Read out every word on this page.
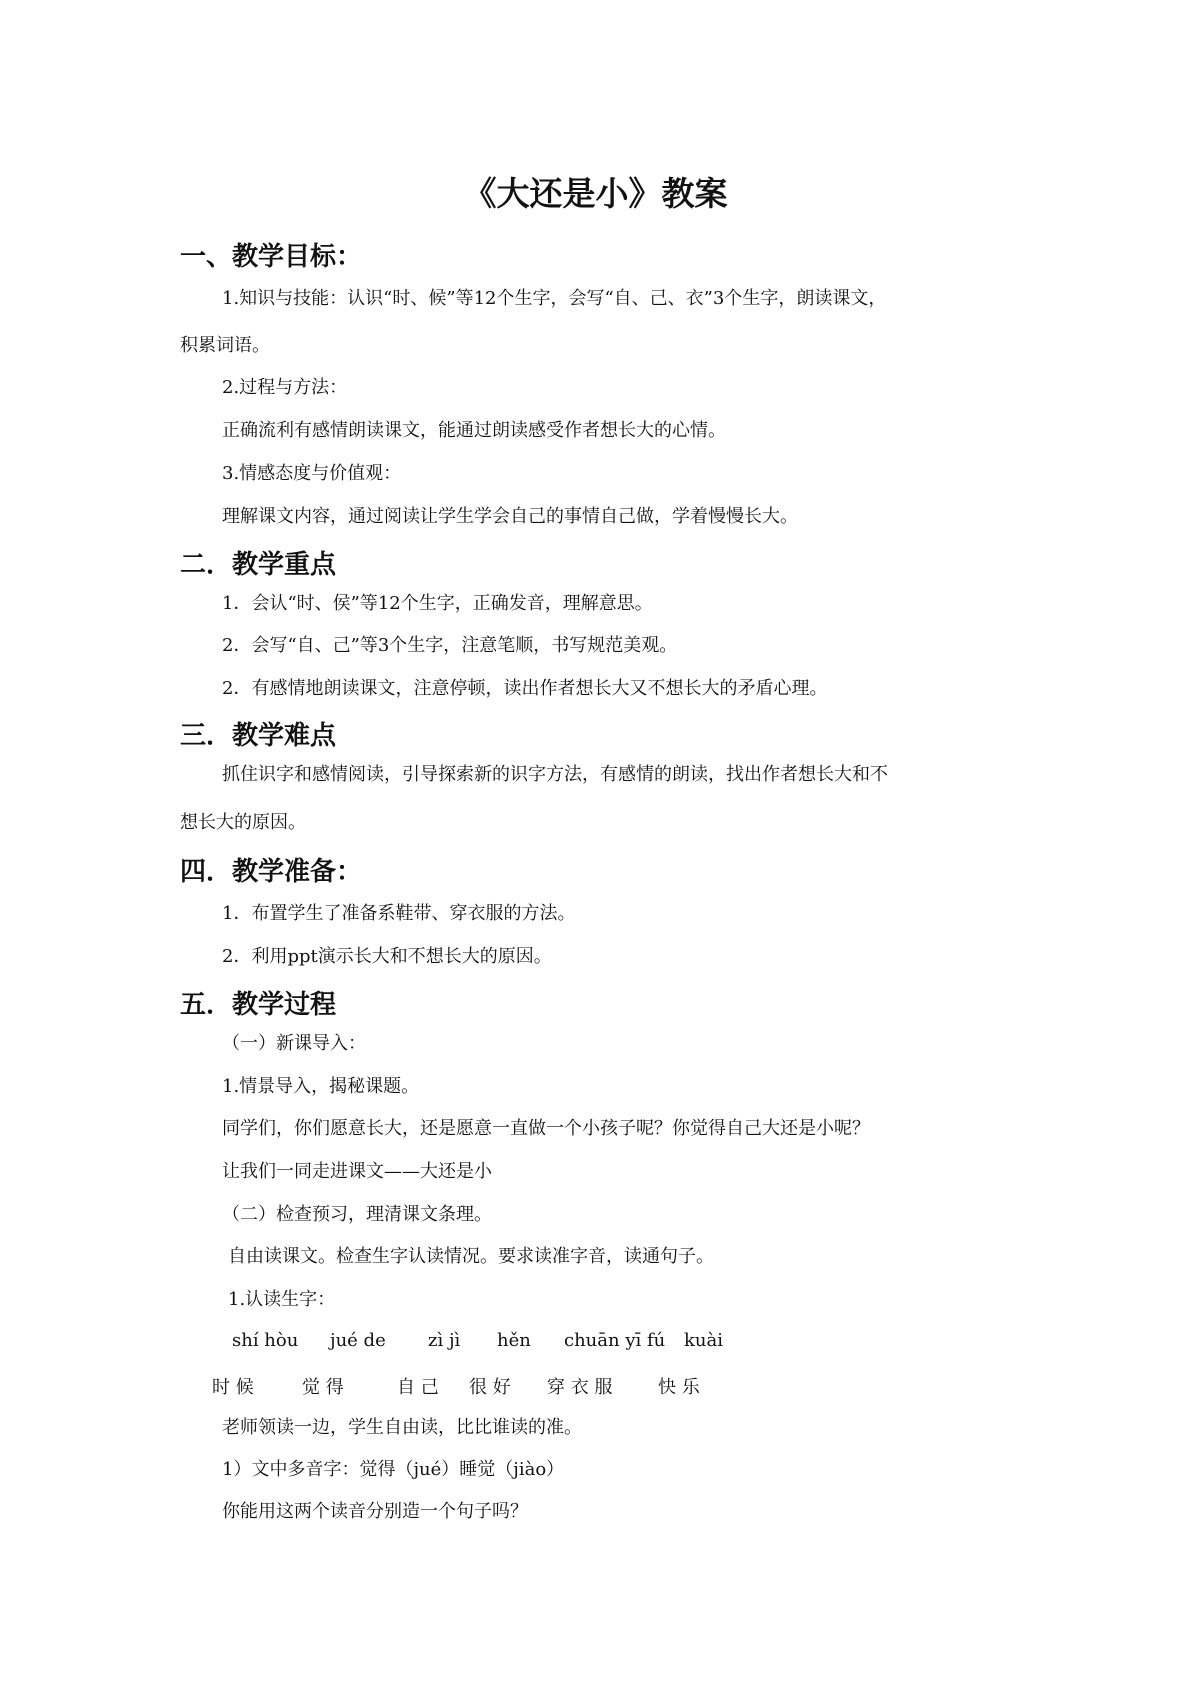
《大还是小》教案
一、教学目标：

1.知识与技能：认识“时、候”等12个生字，会写“自、己、衣”3个生字，朗读课文，

积累词语。

2.过程与方法：

正确流利有感情朗读课文，能通过朗读感受作者想长大的心情。

3.情感态度与价值观：

理解课文内容，通过阅读让学生学会自己的事情自己做，学着慢慢长大。

二．教学重点

1．会认“时、侯”等12个生字，正确发音，理解意思。

2．会写“自、己”等3个生字，注意笔顺，书写规范美观。

2．有感情地朗读课文，注意停顿，读出作者想长大又不想长大的矛盾心理。

三．教学难点

抓住识字和感情阅读，引导探索新的识字方法，有感情的朗读，找出作者想长大和不

想长大的原因。

四．教学准备：

1．布置学生了准备系鞋带、穿衣服的方法。

2．利用ppt演示长大和不想长大的原因。

五．教学过程

（一）新课导入：

1.情景导入，揭秘课题。

同学们，你们愿意长大，还是愿意一直做一个小孩子呢？你觉得自己大还是小呢？

让我们一同走进课文——大还是小

（二）检查预习，理清课文条理。

自由读课文。检查生字认读情况。要求读准字音，读通句子。

1.认读生字：

shí hòu jué de zì jì hěn chuān yī fú kuài
时 候	觉 得	自 己 很 好 穿 衣 服	快 乐

老师领读一边，学生自由读，比比谁读的准。

1）文中多音字：觉得（jué）睡觉（jiào）

你能用这两个读音分别造一个句子吗？
